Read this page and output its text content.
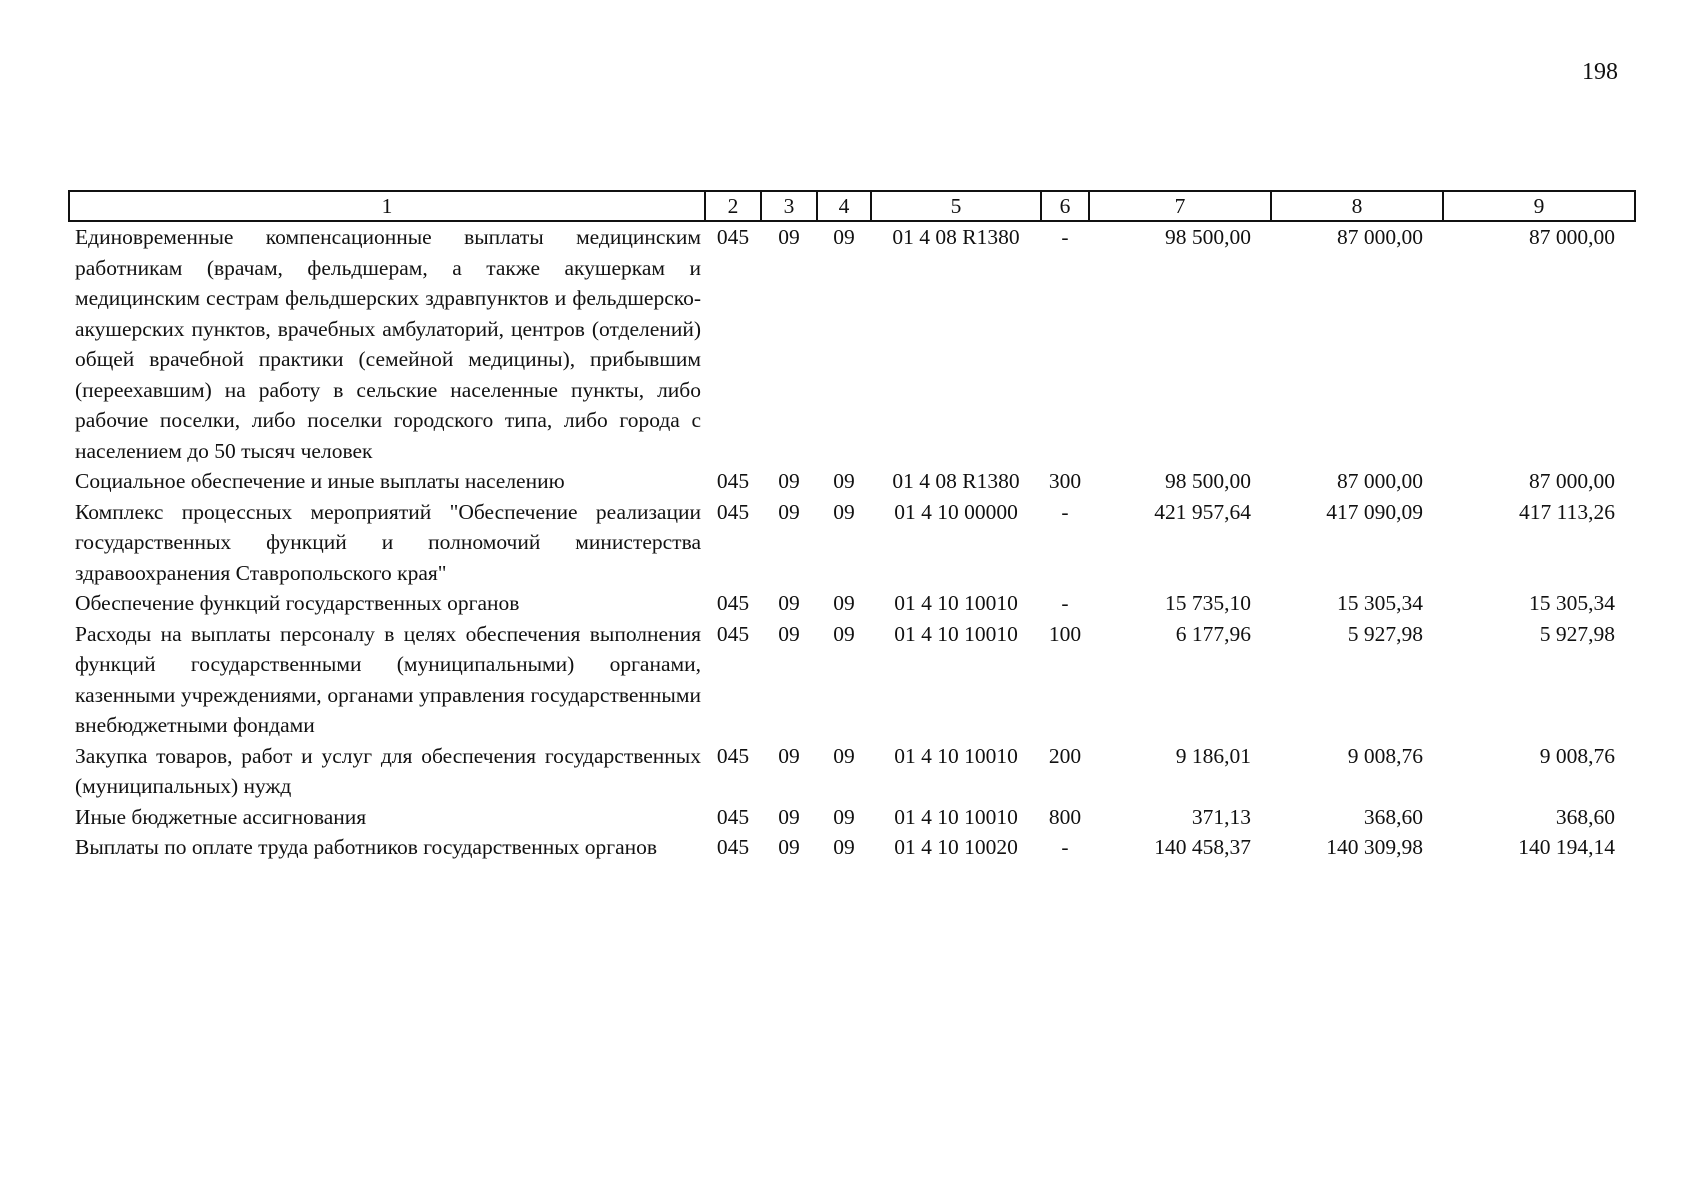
198
1	2	3	4	5	6	7	8	9
Единовременные компенсационные выплаты медицинским работникам (врачам, фельдшерам, а также акушеркам и медицинским сестрам фельдшерских здравпунктов и фельдшерско-акушерских пунктов, врачебных амбулаторий, центров (отделений) общей врачебной практики (семейной медицины), прибывшим (переехавшим) на работу в сельские населенные пункты, либо рабочие поселки, либо поселки городского типа, либо города с населением до 50 тысяч человек	045	09	09	01 4 08 R1380	-	98 500,00	87 000,00	87 000,00
Социальное обеспечение и иные выплаты населению	045	09	09	01 4 08 R1380	300	98 500,00	87 000,00	87 000,00
Комплекс процессных мероприятий "Обеспечение реализации государственных функций и полномочий министерства здравоохранения Ставропольского края"	045	09	09	01 4 10 00000	-	421 957,64	417 090,09	417 113,26
Обеспечение функций государственных органов	045	09	09	01 4 10 10010	-	15 735,10	15 305,34	15 305,34
Расходы на выплаты персоналу в целях обеспечения выполнения функций государственными (муниципальными) органами, казенными учреждениями, органами управления государственными внебюджетными фондами	045	09	09	01 4 10 10010	100	6 177,96	5 927,98	5 927,98
Закупка товаров, работ и услуг для обеспечения государственных (муниципальных) нужд	045	09	09	01 4 10 10010	200	9 186,01	9 008,76	9 008,76
Иные бюджетные ассигнования	045	09	09	01 4 10 10010	800	371,13	368,60	368,60
Выплаты по оплате труда работников государственных органов	045	09	09	01 4 10 10020	-	140 458,37	140 309,98	140 194,14
